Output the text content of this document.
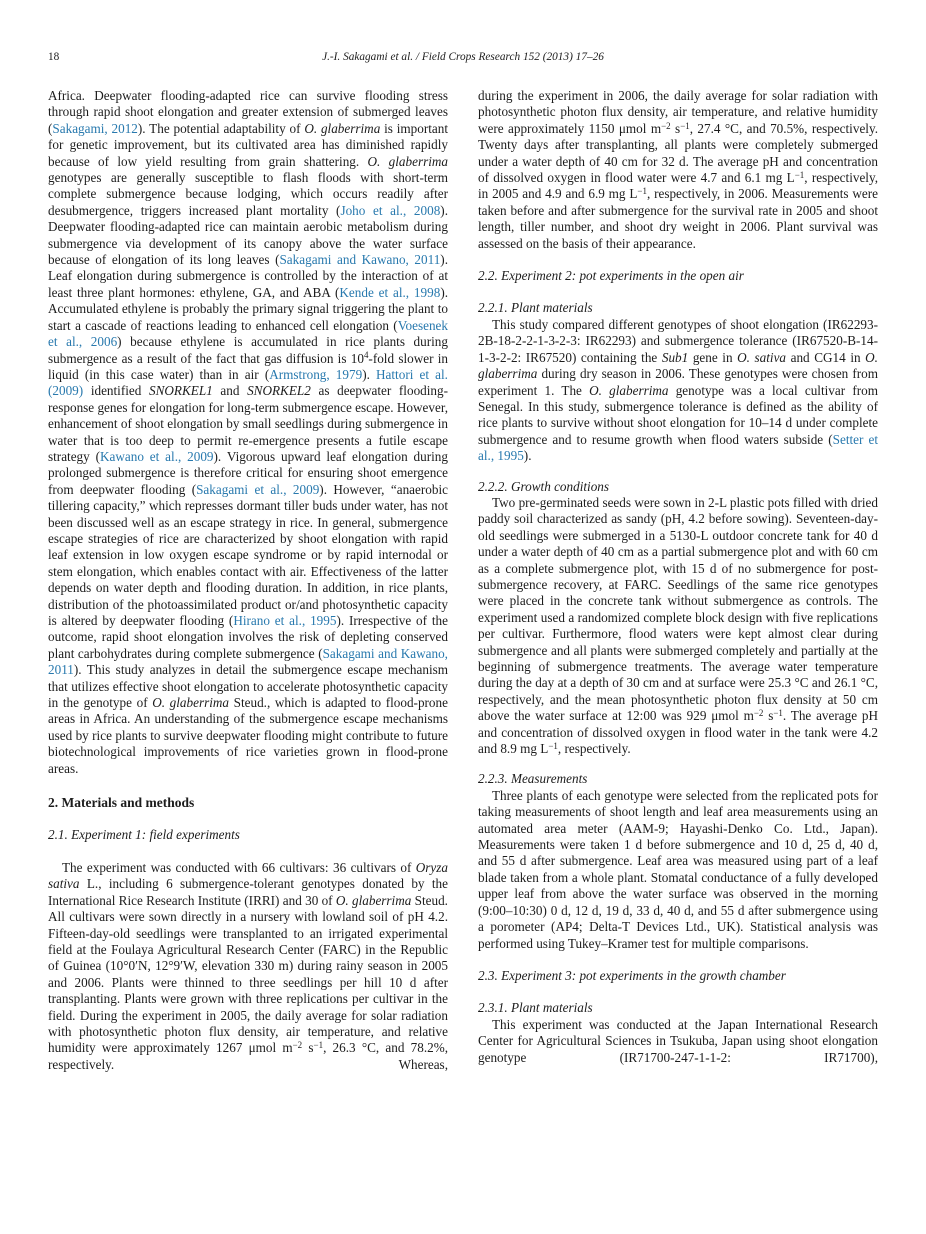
18	J.-I. Sakagami et al. / Field Crops Research 152 (2013) 17–26

Africa. Deepwater flooding-adapted rice can survive flooding stress through rapid shoot elongation and greater extension of submerged leaves (Sakagami, 2012). The potential adaptability of O. glaberrima is important for genetic improvement, but its cultivated area has diminished rapidly because of low yield resulting from grain shattering. O. glaberrima genotypes are generally susceptible to flash floods with short-term complete submergence because lodging, which occurs readily after desubmergence, triggers increased plant mortality (Joho et al., 2008). Deepwater flooding-adapted rice can maintain aerobic metabolism during submergence via development of its canopy above the water surface because of elongation of its long leaves (Sakagami and Kawano, 2011). Leaf elongation during submergence is controlled by the interaction of at least three plant hormones: ethylene, GA, and ABA (Kende et al., 1998). Accumulated ethylene is probably the primary signal triggering the plant to start a cascade of reactions leading to enhanced cell elongation (Voesenek et al., 2006) because ethylene is accumulated in rice plants during submergence as a result of the fact that gas diffusion is $10^4$-fold slower in liquid (in this case water) than in air (Armstrong, 1979). Hattori et al. (2009) identified SNORKEL1 and SNORKEL2 as deepwater flooding-response genes for elongation for long-term submergence escape. However, enhancement of shoot elongation by small seedlings during submergence in water that is too deep to permit re-emergence presents a futile escape strategy (Kawano et al., 2009). Vigorous upward leaf elongation during prolonged submergence is therefore critical for ensuring shoot emergence from deepwater flooding (Sakagami et al., 2009). However, “anaerobic tillering capacity,” which represses dormant tiller buds under water, has not been discussed well as an escape strategy in rice. In general, submergence escape strategies of rice are characterized by shoot elongation with rapid leaf extension in low oxygen escape syndrome or by rapid internodal or stem elongation, which enables contact with air. Effectiveness of the latter depends on water depth and flooding duration. In addition, in rice plants, distribution of the photoassimilated product or/and photosynthetic capacity is altered by deepwater flooding (Hirano et al., 1995). Irrespective of the outcome, rapid shoot elongation involves the risk of depleting conserved plant carbohydrates during complete submergence (Sakagami and Kawano, 2011). This study analyzes in detail the submergence escape mechanism that utilizes effective shoot elongation to accelerate photosynthetic capacity in the genotype of O. glaberrima Steud., which is adapted to flood-prone areas in Africa. An understanding of the submergence escape mechanisms used by rice plants to survive deepwater flooding might contribute to future biotechnological improvements of rice varieties grown in flood-prone areas.

2. Materials and methods
2.1. Experiment 1: field experiments

The experiment was conducted with 66 cultivars: 36 cultivars of Oryza sativa L., including 6 submergence-tolerant genotypes donated by the International Rice Research Institute (IRRI) and 30 of O. glaberrima Steud. All cultivars were sown directly in a nursery with lowland soil of pH 4.2. Fifteen-day-old seedlings were transplanted to an irrigated experimental field at the Foulaya Agricultural Research Center (FARC) in the Republic of Guinea (10°0′N, 12°9′W, elevation 330 m) during rainy season in 2005 and 2006. Plants were thinned to three seedlings per hill 10 d after transplanting. Plants were grown with three replications per cultivar in the field. During the experiment in 2005, the daily average for solar radiation with photosynthetic photon flux density, air temperature, and relative humidity were approximately 1267 μmol $m^{-2}$ $s^{-1}$, 26.3 °C, and 78.2%, respectively. Whereas,

during the experiment in 2006, the daily average for solar radiation with photosynthetic photon flux density, air temperature, and relative humidity were approximately 1150 μmol $m^{-2}$ $s^{-1}$, 27.4 °C, and 70.5%, respectively. Twenty days after transplanting, all plants were completely submerged under a water depth of 40 cm for 32 d. The average pH and concentration of dissolved oxygen in flood water were 4.7 and 6.1 mg $L^{-1}$, respectively, in 2005 and 4.9 and 6.9 mg $L^{-1}$, respectively, in 2006. Measurements were taken before and after submergence for the survival rate in 2005 and shoot length, tiller number, and shoot dry weight in 2006. Plant survival was assessed on the basis of their appearance.

2.2. Experiment 2: pot experiments in the open air
2.2.1. Plant materials

This study compared different genotypes of shoot elongation (IR62293-2B-18-2-2-1-3-2-3: IR62293) and submergence tolerance (IR67520-B-14-1-3-2-2: IR67520) containing the Sub1 gene in O. sativa and CG14 in O. glaberrima during dry season in 2006. These genotypes were chosen from experiment 1. The O. glaberrima genotype was a local cultivar from Senegal. In this study, submergence tolerance is defined as the ability of rice plants to survive without shoot elongation for 10–14 d under complete submergence and to resume growth when flood waters subside (Setter et al., 1995).

2.2.2. Growth conditions

Two pre-germinated seeds were sown in 2-L plastic pots filled with dried paddy soil characterized as sandy (pH, 4.2 before sowing). Seventeen-day-old seedlings were submerged in a 5130-L outdoor concrete tank for 40 d under a water depth of 40 cm as a partial submergence plot and with 60 cm as a complete submergence plot, with 15 d of no submergence for post-submergence recovery, at FARC. Seedlings of the same rice genotypes were placed in the concrete tank without submergence as controls. The experiment used a randomized complete block design with five replications per cultivar. Furthermore, flood waters were kept almost clear during submergence and all plants were submerged completely and partially at the beginning of submergence treatments. The average water temperature during the day at a depth of 30 cm and at surface were 25.3 °C and 26.1 °C, respectively, and the mean photosynthetic photon flux density at 50 cm above the water surface at 12:00 was 929 μmol $m^{-2}$ $s^{-1}$. The average pH and concentration of dissolved oxygen in flood water in the tank were 4.2 and 8.9 mg $L^{-1}$, respectively.

2.2.3. Measurements

Three plants of each genotype were selected from the replicated pots for taking measurements of shoot length and leaf area measurements using an automated area meter (AAM-9; Hayashi-Denko Co. Ltd., Japan). Measurements were taken 1 d before submergence and 10 d, 25 d, 40 d, and 55 d after submergence. Leaf area was measured using part of a leaf blade taken from a whole plant. Stomatal conductance of a fully developed upper leaf from above the water surface was observed in the morning (9:00–10:30) 0 d, 12 d, 19 d, 33 d, 40 d, and 55 d after submergence using a porometer (AP4; Delta-T Devices Ltd., UK). Statistical analysis was performed using Tukey–Kramer test for multiple comparisons.

2.3. Experiment 3: pot experiments in the growth chamber
2.3.1. Plant materials

This experiment was conducted at the Japan International Research Center for Agricultural Sciences in Tsukuba, Japan using shoot elongation genotype (IR71700-247-1-1-2: IR71700),
